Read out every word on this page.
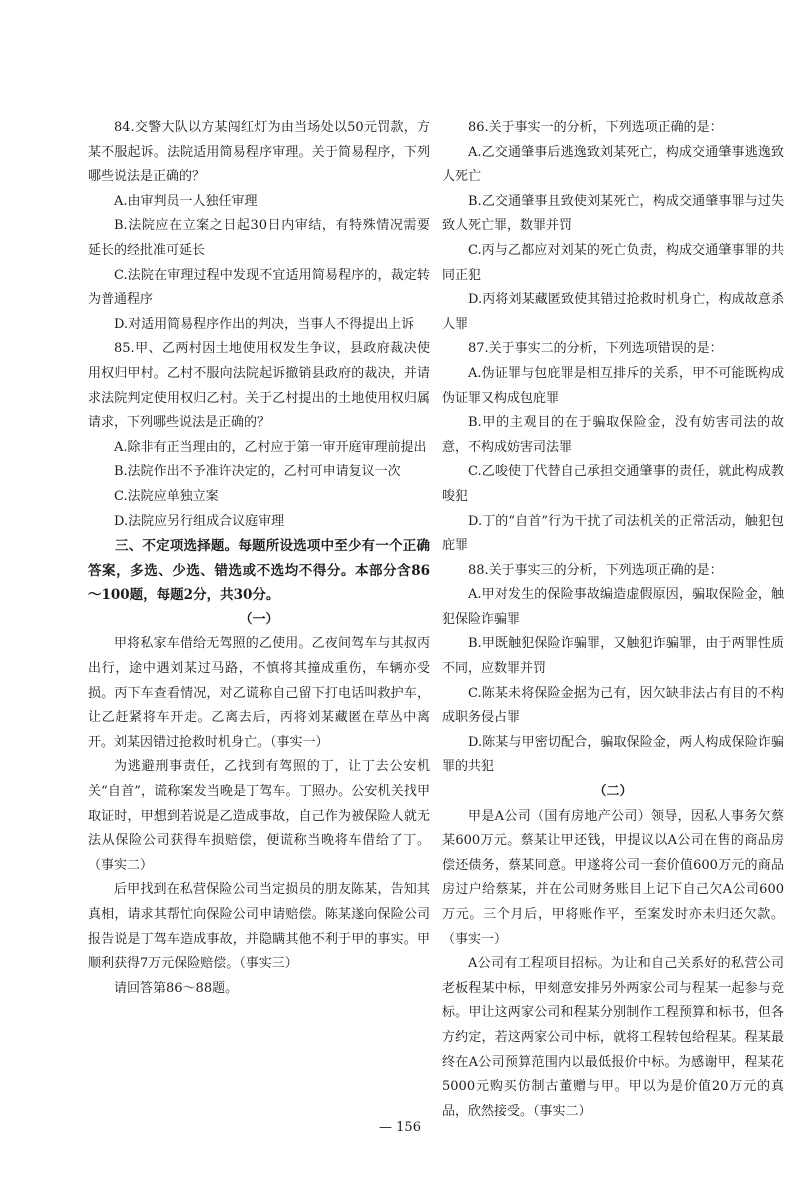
84.交警大队以方某闯红灯为由当场处以50元罚款，方某不服起诉。法院适用简易程序审理。关于简易程序，下列哪些说法是正确的？

A.由审判员一人独任审理

B.法院应在立案之日起30日内审结，有特殊情况需要延长的经批准可延长

C.法院在审理过程中发现不宜适用简易程序的，裁定转为普通程序

D.对适用简易程序作出的判决，当事人不得提出上诉

85.甲、乙两村因土地使用权发生争议，县政府裁决使用权归甲村。乙村不服向法院起诉撤销县政府的裁决，并请求法院判定使用权归乙村。关于乙村提出的土地使用权归属请求，下列哪些说法是正确的？

A.除非有正当理由的，乙村应于第一审开庭审理前提出

B.法院作出不予准许决定的，乙村可申请复议一次

C.法院应单独立案

D.法院应另行组成合议庭审理

三、不定项选择题。每题所设选项中至少有一个正确答案，多选、少选、错选或不选均不得分。本部分含86～100题，每题2分，共30分。

（一）

甲将私家车借给无驾照的乙使用。乙夜间驾车与其叔丙出行，途中遇刘某过马路，不慎将其撞成重伤，车辆亦受损。丙下车查看情况，对乙谎称自己留下打电话叫救护车，让乙赶紧将车开走。乙离去后，丙将刘某藏匿在草丛中离开。刘某因错过抢救时机身亡。（事实一）

为逃避刑事责任，乙找到有驾照的丁，让丁去公安机关“自首”，谎称案发当晚是丁驾车。丁照办。公安机关找甲取证时，甲想到若说是乙造成事故，自己作为被保险人就无法从保险公司获得车损赔偿，便谎称当晚将车借给了丁。（事实二）

后甲找到在私营保险公司当定损员的朋友陈某，告知其真相，请求其帮忙向保险公司申请赔偿。陈某遂向保险公司报告说是丁驾车造成事故，并隐瞒其他不利于甲的事实。甲顺利获得7万元保险赔偿。（事实三）

请回答第86～88题。

86.关于事实一的分析，下列选项正确的是：

A.乙交通肇事后逃逸致刘某死亡，构成交通肇事逃逸致人死亡

B.乙交通肇事且致使刘某死亡，构成交通肇事罪与过失致人死亡罪，数罪并罚

C.丙与乙都应对刘某的死亡负责，构成交通肇事罪的共同正犯

D.丙将刘某藏匿致使其错过抢救时机身亡，构成故意杀人罪

87.关于事实二的分析，下列选项错误的是：

A.伪证罪与包庇罪是相互排斥的关系，甲不可能既构成伪证罪又构成包庇罪

B.甲的主观目的在于骗取保险金，没有妨害司法的故意，不构成妨害司法罪

C.乙唆使丁代替自己承担交通肇事的责任，就此构成教唆犯

D.丁的“自首”行为干扰了司法机关的正常活动，触犯包庇罪

88.关于事实三的分析，下列选项正确的是：

A.甲对发生的保险事故编造虚假原因，骗取保险金，触犯保险诈骗罪

B.甲既触犯保险诈骗罪，又触犯诈骗罪，由于两罪性质不同，应数罪并罚

C.陈某未将保险金据为己有，因欠缺非法占有目的不构成职务侵占罪

D.陈某与甲密切配合，骗取保险金，两人构成保险诈骗罪的共犯

（二）

甲是A公司（国有房地产公司）领导，因私人事务欠蔡某600万元。蔡某让甲还钱，甲提议以A公司在售的商品房偿还债务，蔡某同意。甲遂将公司一套价值600万元的商品房过户给蔡某，并在公司财务账目上记下自己欠A公司600万元。三个月后，甲将账作平，至案发时亦未归还欠款。（事实一）

A公司有工程项目招标。为让和自己关系好的私营公司老板程某中标，甲刻意安排另外两家公司与程某一起参与竞标。甲让这两家公司和程某分别制作工程预算和标书，但各方约定，若这两家公司中标，就将工程转包给程某。程某最终在A公司预算范围内以最低报价中标。为感谢甲，程某花5000元购买仿制古董赠与甲。甲以为是价值20万元的真品，欣然接受。（事实二）

— 156
